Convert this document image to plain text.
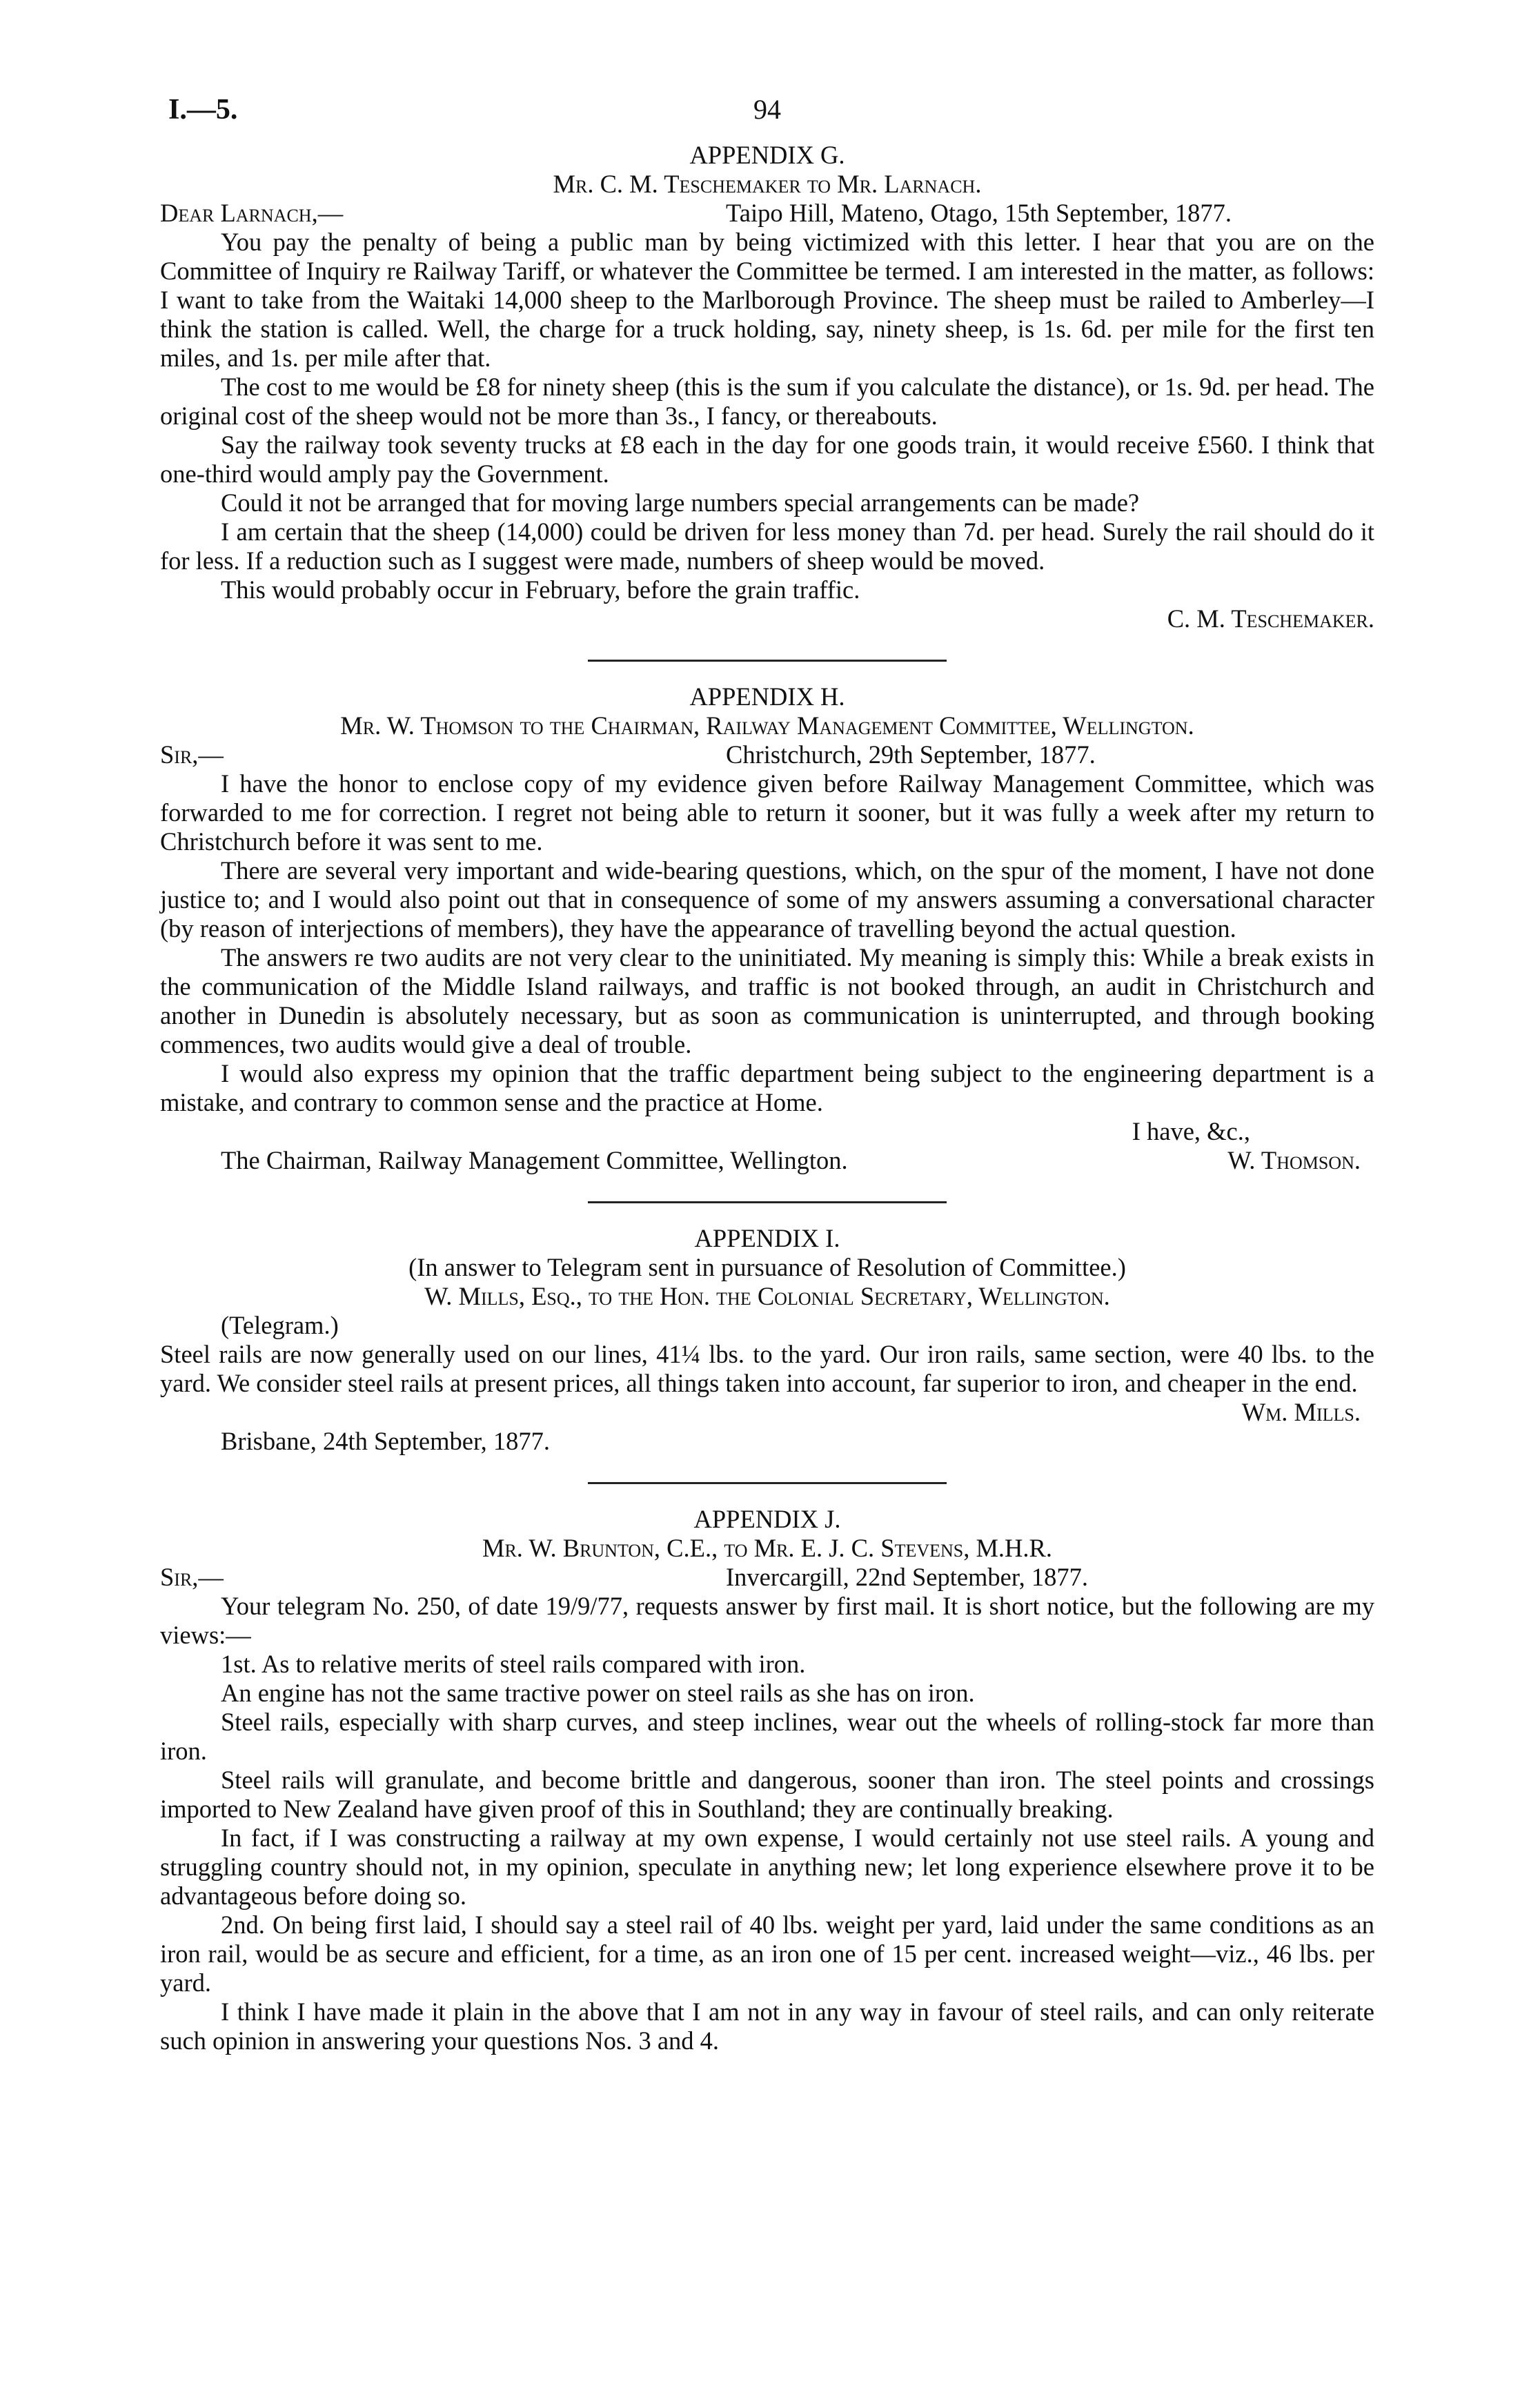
I.—5.	94
APPENDIX G.
Mr. C. M. Teschemaker to Mr. Larnach.
Dear Larnach,—	Taipo Hill, Mateno, Otago, 15th September, 1877.

You pay the penalty of being a public man by being victimized with this letter. I hear that you are on the Committee of Inquiry re Railway Tariff, or whatever the Committee be termed. I am interested in the matter, as follows: I want to take from the Waitaki 14,000 sheep to the Marlborough Province. The sheep must be railed to Amberley—I think the station is called. Well, the charge for a truck holding, say, ninety sheep, is 1s. 6d. per mile for the first ten miles, and 1s. per mile after that.

The cost to me would be £8 for ninety sheep (this is the sum if you calculate the distance), or 1s. 9d. per head. The original cost of the sheep would not be more than 3s., I fancy, or thereabouts.

Say the railway took seventy trucks at £8 each in the day for one goods train, it would receive £560. I think that one-third would amply pay the Government.

Could it not be arranged that for moving large numbers special arrangements can be made?

I am certain that the sheep (14,000) could be driven for less money than 7d. per head. Surely the rail should do it for less. If a reduction such as I suggest were made, numbers of sheep would be moved.

This would probably occur in February, before the grain traffic.

C. M. Teschemaker.
APPENDIX H.
Mr. W. Thomson to the Chairman, Railway Management Committee, Wellington.
Sir,—	Christchurch, 29th September, 1877.

I have the honor to enclose copy of my evidence given before Railway Management Committee, which was forwarded to me for correction. I regret not being able to return it sooner, but it was fully a week after my return to Christchurch before it was sent to me.

There are several very important and wide-bearing questions, which, on the spur of the moment, I have not done justice to; and I would also point out that in consequence of some of my answers assuming a conversational character (by reason of interjections of members), they have the appearance of travelling beyond the actual question.

The answers re two audits are not very clear to the uninitiated. My meaning is simply this: While a break exists in the communication of the Middle Island railways, and traffic is not booked through, an audit in Christchurch and another in Dunedin is absolutely necessary, but as soon as communication is uninterrupted, and through booking commences, two audits would give a deal of trouble.

I would also express my opinion that the traffic department being subject to the engineering department is a mistake, and contrary to common sense and the practice at Home.

I have, &c.,
The Chairman, Railway Management Committee, Wellington.	W. Thomson.
APPENDIX I.
(In answer to Telegram sent in pursuance of Resolution of Committee.)
W. Mills, Esq., to the Hon. the Colonial Secretary, Wellington.
(Telegram.)

Steel rails are now generally used on our lines, 41¼ lbs. to the yard. Our iron rails, same section, were 40 lbs. to the yard. We consider steel rails at present prices, all things taken into account, far superior to iron, and cheaper in the end.

Wm. Mills.
Brisbane, 24th September, 1877.
APPENDIX J.
Mr. W. Brunton, C.E., to Mr. E. J. C. Stevens, M.H.R.
Sir,—	Invercargill, 22nd September, 1877.

Your telegram No. 250, of date 19/9/77, requests answer by first mail. It is short notice, but the following are my views:—

1st. As to relative merits of steel rails compared with iron.

An engine has not the same tractive power on steel rails as she has on iron.

Steel rails, especially with sharp curves, and steep inclines, wear out the wheels of rolling-stock far more than iron.

Steel rails will granulate, and become brittle and dangerous, sooner than iron. The steel points and crossings imported to New Zealand have given proof of this in Southland; they are continually breaking.

In fact, if I was constructing a railway at my own expense, I would certainly not use steel rails. A young and struggling country should not, in my opinion, speculate in anything new; let long experience elsewhere prove it to be advantageous before doing so.

2nd. On being first laid, I should say a steel rail of 40 lbs. weight per yard, laid under the same conditions as an iron rail, would be as secure and efficient, for a time, as an iron one of 15 per cent. increased weight—viz., 46 lbs. per yard.

I think I have made it plain in the above that I am not in any way in favour of steel rails, and can only reiterate such opinion in answering your questions Nos. 3 and 4.
